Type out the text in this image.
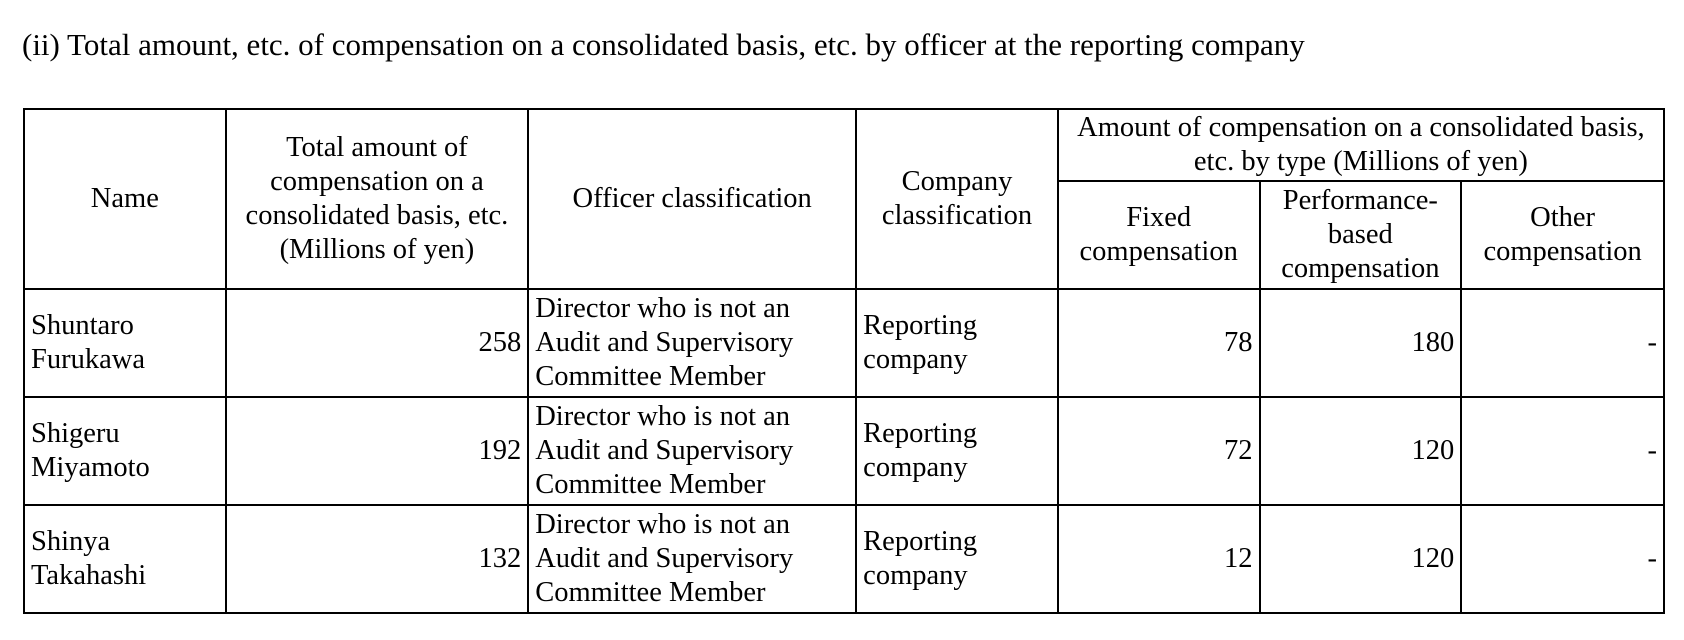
(ii) Total amount, etc. of compensation on a consolidated basis, etc. by officer at the reporting company
Name	Total amount of compensation on a consolidated basis, etc. (Millions of yen)	Officer classification	Company classification	Amount of compensation on a consolidated basis, etc. by type (Millions of yen)		
				Fixed compensation	Performance-based compensation	Other compensation
Shuntaro Furukawa	258	Director who is not an Audit and Supervisory Committee Member	Reporting company	78	180	-
Shigeru Miyamoto	192	Director who is not an Audit and Supervisory Committee Member	Reporting company	72	120	-
Shinya Takahashi	132	Director who is not an Audit and Supervisory Committee Member	Reporting company	12	120	-
